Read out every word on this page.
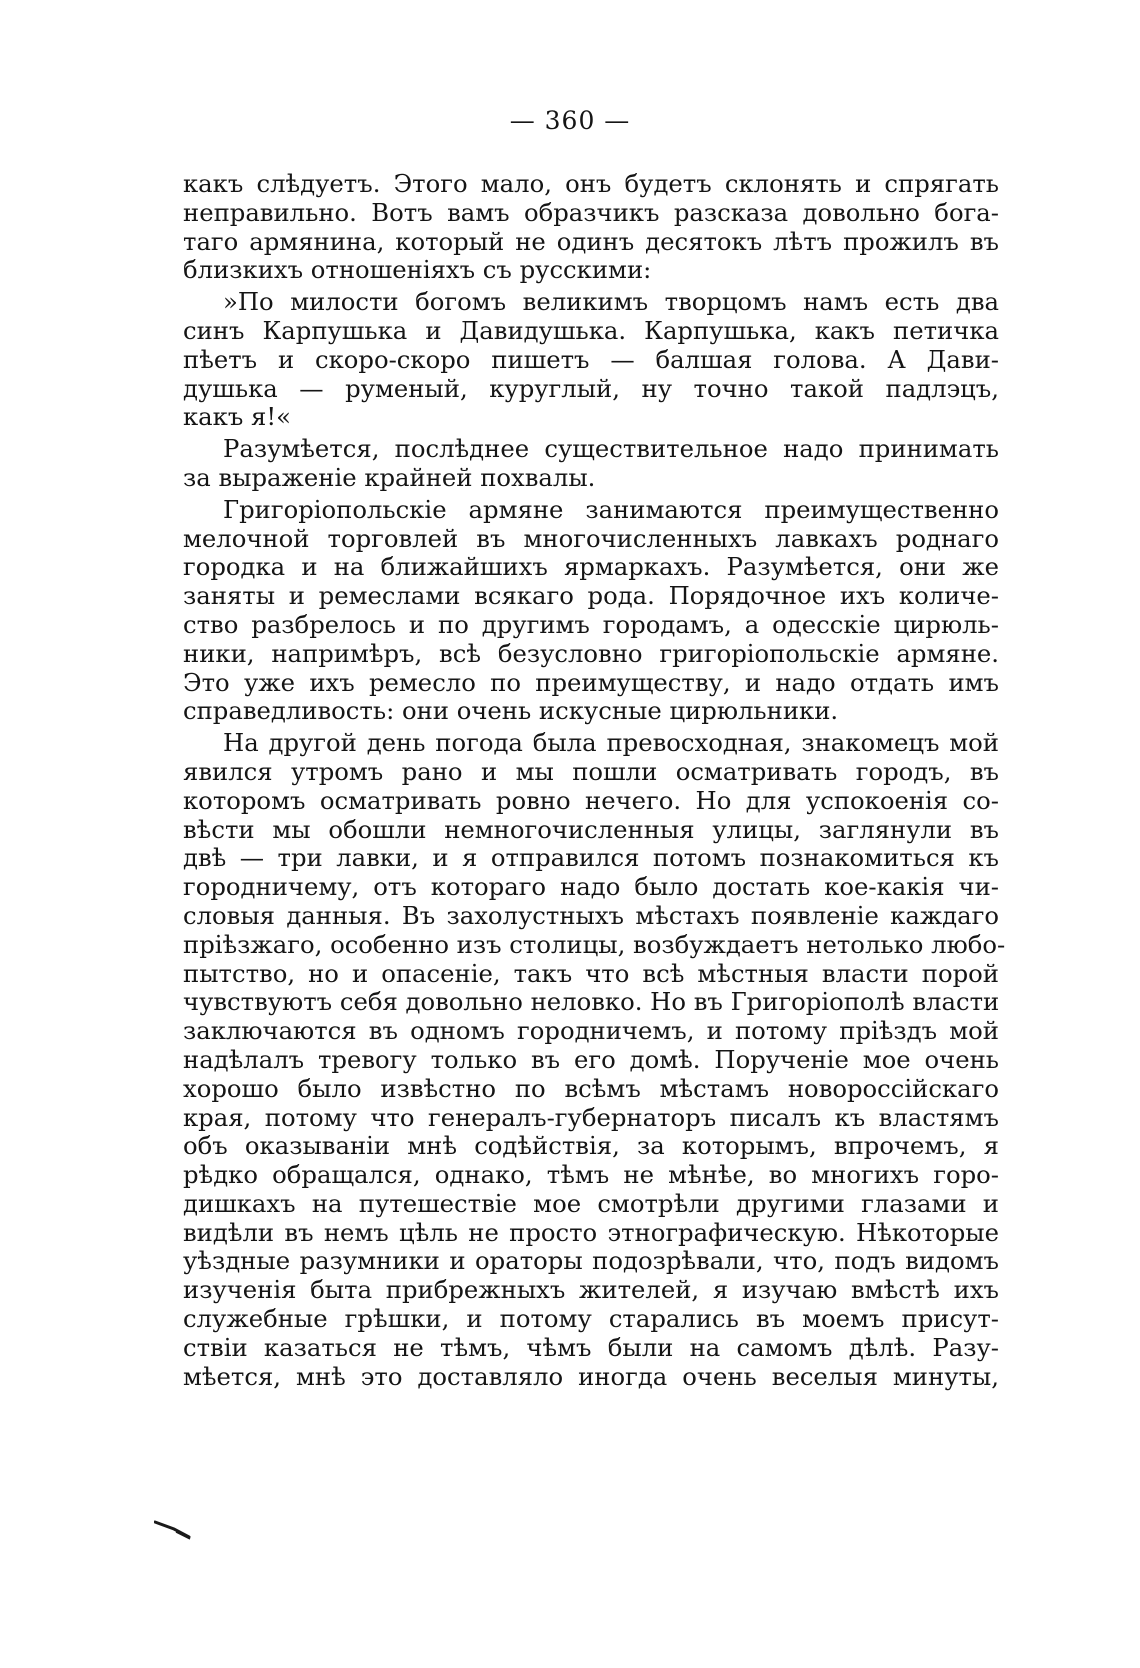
— 360 —
какъ слѣдуетъ. Этого мало, онъ будетъ склонять и спрягать
неправильно. Вотъ вамъ образчикъ разсказа довольно бога-
таго армянина, который не одинъ десятокъ лѣтъ прожилъ въ
близкихъ отношеніяхъ съ русскими:
»По милости богомъ великимъ творцомъ намъ есть два
синъ Карпушька и Давидушька. Карпушька, какъ петичка
пѣетъ и скоро-скоро пишетъ — балшая голова. А Дави-
душька — руменый, куруглый, ну точно такой падлэцъ,
какъ я!«
Разумѣется, послѣднее существительное надо принимать
за выраженіе крайней похвалы.
Григоріопольскіе армяне занимаются преимущественно
мелочной торговлей въ многочисленныхъ лавкахъ роднаго
городка и на ближайшихъ ярмаркахъ. Разумѣется, они же
заняты и ремеслами всякаго рода. Порядочное ихъ количе-
ство разбрелось и по другимъ городамъ, а одесскіе цирюль-
ники, напримѣръ, всѣ безусловно григоріопольскіе армяне.
Это уже ихъ ремесло по преимуществу, и надо отдать имъ
справедливость: они очень искусные цирюльники.
На другой день погода была превосходная, знакомецъ мой
явился утромъ рано и мы пошли осматривать городъ, въ
которомъ осматривать ровно нечего. Но для успокоенія со-
вѣсти мы обошли немногочисленныя улицы, заглянули въ
двѣ — три лавки, и я отправился потомъ познакомиться къ
городничему, отъ котораго надо было достать кое-какія чи-
словыя данныя. Въ захолустныхъ мѣстахъ появленіе каждаго
пріѣзжаго, особенно изъ столицы, возбуждаетъ нетолько любо-
пытство, но и опасеніе, такъ что всѣ мѣстныя власти порой
чувствуютъ себя довольно неловко. Но въ Григоріополѣ власти
заключаются въ одномъ городничемъ, и потому пріѣздъ мой
надѣлалъ тревогу только въ его домѣ. Порученіе мое очень
хорошо было извѣстно по всѣмъ мѣстамъ новороссійскаго
края, потому что генералъ-губернаторъ писалъ къ властямъ
объ оказываніи мнѣ содѣйствія, за которымъ, впрочемъ, я
рѣдко обращался, однако, тѣмъ не мѣнѣе, во многихъ горо-
дишкахъ на путешествіе мое смотрѣли другими глазами и
видѣли въ немъ цѣль не просто этнографическую. Нѣкоторые
уѣздные разумники и ораторы подозрѣвали, что, подъ видомъ
изученія быта прибрежныхъ жителей, я изучаю вмѣстѣ ихъ
служебные грѣшки, и потому старались въ моемъ присут-
ствіи казаться не тѣмъ, чѣмъ были на самомъ дѣлѣ. Разу-
мѣется, мнѣ это доставляло иногда очень веселыя минуты,
